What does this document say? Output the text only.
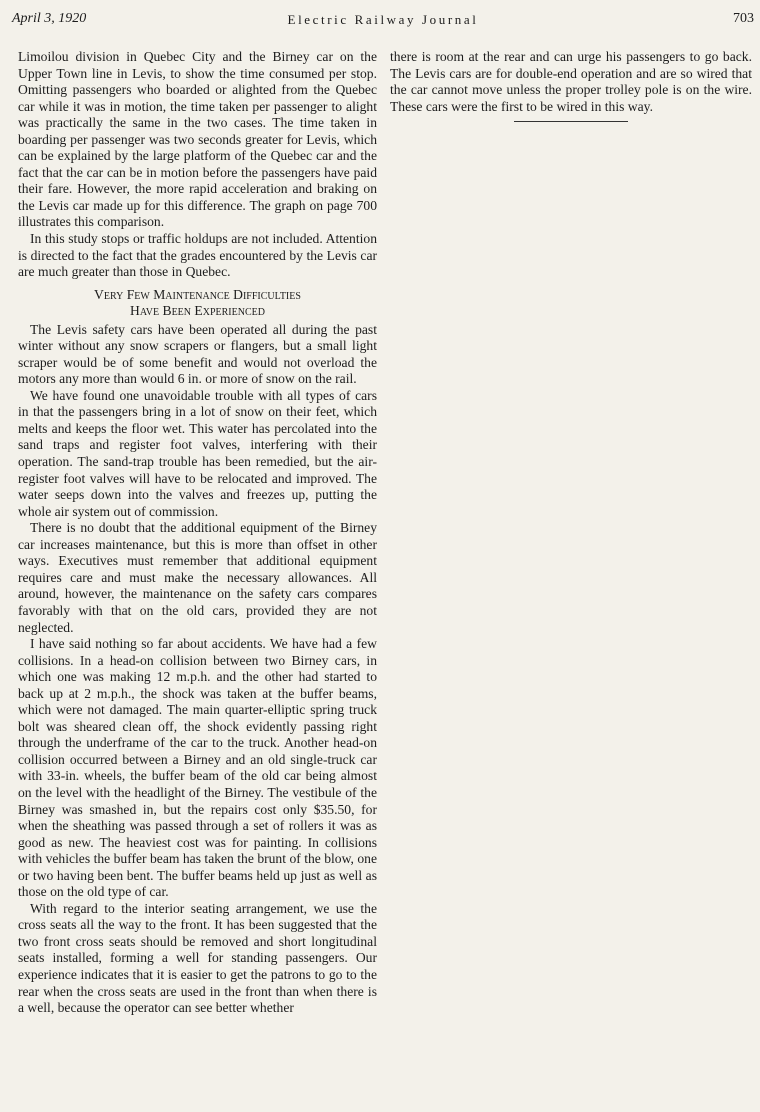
April 3, 1920	Electric Railway Journal	703

Limoilou division in Quebec City and the Birney car on the Upper Town line in Levis, to show the time consumed per stop. Omitting passengers who boarded or alighted from the Quebec car while it was in motion, the time taken per passenger to alight was practically the same in the two cases. The time taken in boarding per passenger was two seconds greater for Levis, which can be explained by the large platform of the Quebec car and the fact that the car can be in motion before the passengers have paid their fare. However, the more rapid acceleration and braking on the Levis car made up for this difference. The graph on page 700 illustrates this comparison.

In this study stops or traffic holdups are not included. Attention is directed to the fact that the grades encountered by the Levis car are much greater than those in Quebec.

Very Few Maintenance Difficulties
Have Been Experienced

The Levis safety cars have been operated all during the past winter without any snow scrapers or flangers, but a small light scraper would be of some benefit and would not overload the motors any more than would 6 in. or more of snow on the rail.

We have found one unavoidable trouble with all types of cars in that the passengers bring in a lot of snow on their feet, which melts and keeps the floor wet. This water has percolated into the sand traps and register foot valves, interfering with their operation. The sand-trap trouble has been remedied, but the air-register foot valves will have to be relocated and improved. The water seeps down into the valves and freezes up, putting the whole air system out of commission.

There is no doubt that the additional equipment of the Birney car increases maintenance, but this is more than offset in other ways. Executives must remember that additional equipment requires care and must make the necessary allowances. All around, however, the maintenance on the safety cars compares favorably with that on the old cars, provided they are not neglected.

I have said nothing so far about accidents. We have had a few collisions. In a head-on collision between two Birney cars, in which one was making 12 m.p.h. and the other had started to back up at 2 m.p.h., the shock was taken at the buffer beams, which were not damaged. The main quarter-elliptic spring truck bolt was sheared clean off, the shock evidently passing right through the underframe of the car to the truck. Another head-on collision occurred between a Birney and an old single-truck car with 33-in. wheels, the buffer beam of the old car being almost on the level with the headlight of the Birney. The vestibule of the Birney was smashed in, but the repairs cost only $35.50, for when the sheathing was passed through a set of rollers it was as good as new. The heaviest cost was for painting. In collisions with vehicles the buffer beam has taken the brunt of the blow, one or two having been bent. The buffer beams held up just as well as those on the old type of car.

With regard to the interior seating arrangement, we use the cross seats all the way to the front. It has been suggested that the two front cross seats should be removed and short longitudinal seats installed, forming a well for standing passengers. Our experience indicates that it is easier to get the patrons to go to the rear when the cross seats are used in the front than when there is a well, because the operator can see better whether

there is room at the rear and can urge his passengers to go back. The Levis cars are for double-end operation and are so wired that the car cannot move unless the proper trolley pole is on the wire. These cars were the first to be wired in this way.
